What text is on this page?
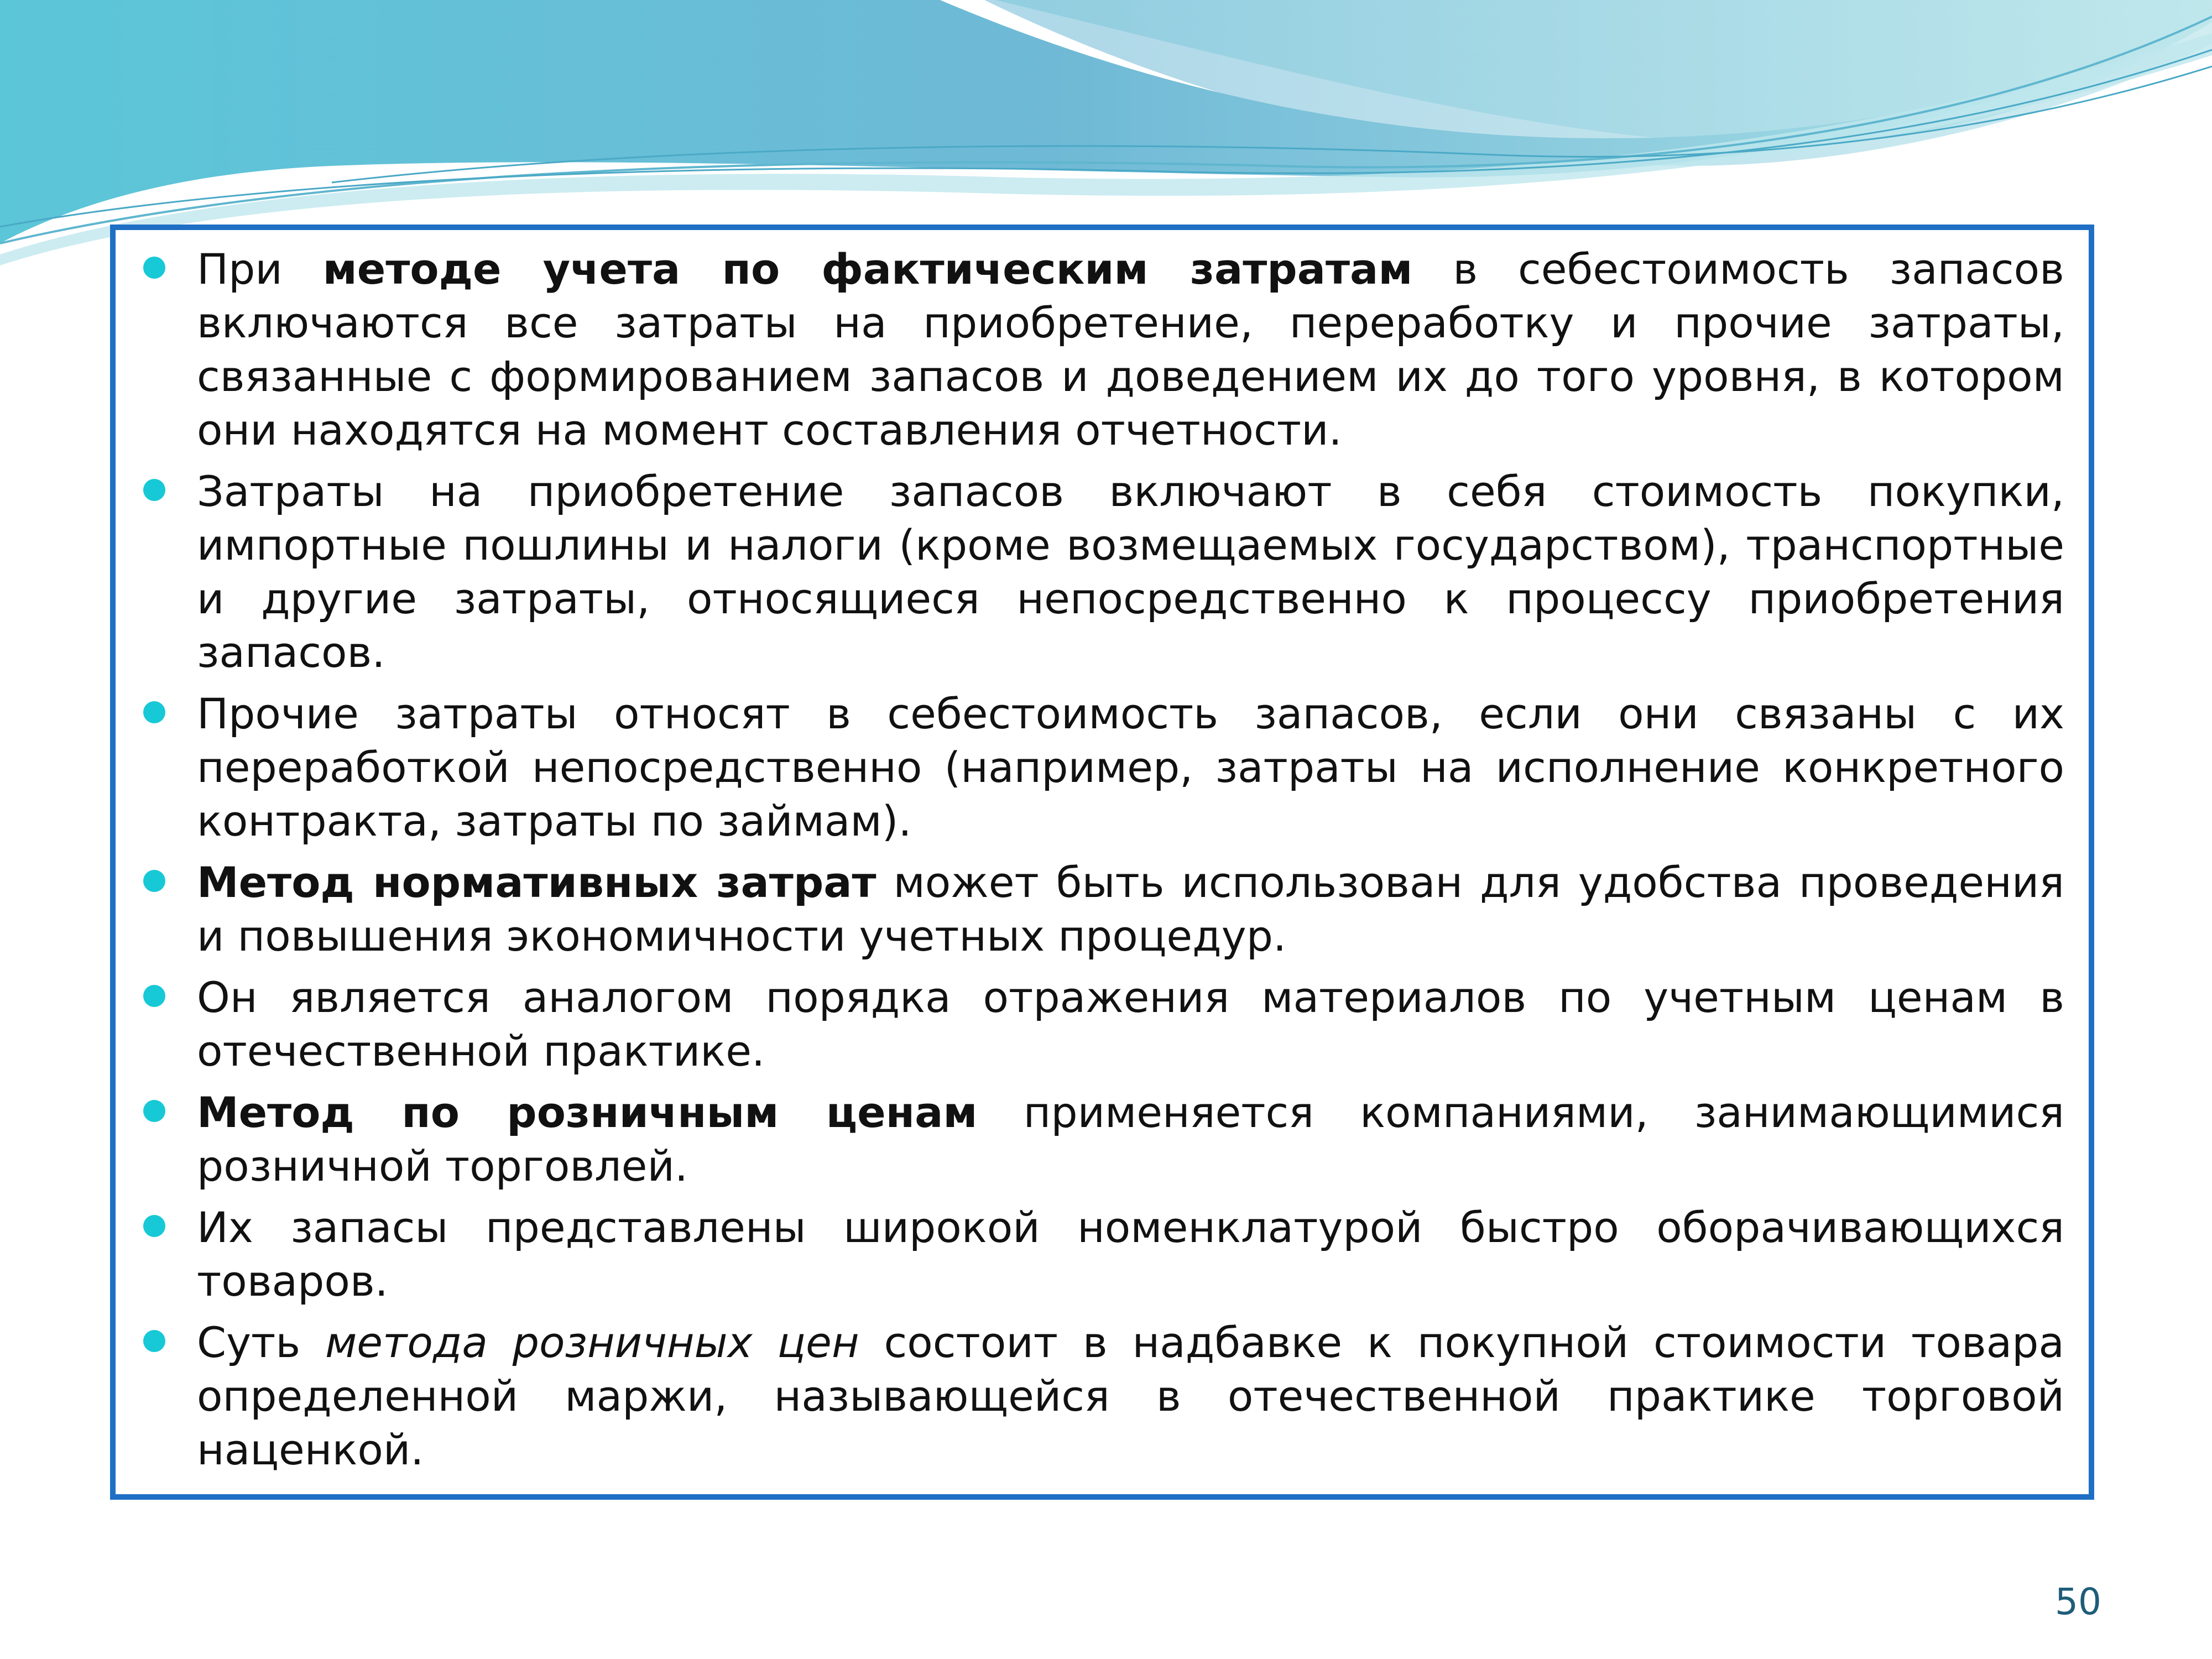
При методе учета по фактическим затратам в себестоимость запасов включаются все затраты на приобретение, переработку и прочие затраты, связанные с формированием запасов и доведением их до того уровня, в котором они находятся на момент составления отчетности.
Затраты на приобретение запасов включают в себя стоимость покупки, импортные пошлины и налоги (кроме возмещаемых государством), транспортные и другие затраты, относящиеся непосредственно к процессу приобретения запасов.
Прочие затраты относят в себестоимость запасов, если они связаны с их переработкой непосредственно (например, затраты на исполнение конкретного контракта, затраты по займам).
Метод нормативных затрат может быть использован для удобства проведения и повышения экономичности учетных процедур.
Он является аналогом порядка отражения материалов по учетным ценам в отечественной практике.
Метод по розничным ценам применяется компаниями, занимающимися розничной торговлей.
Их запасы представлены широкой номенклатурой быстро оборачивающихся товаров.
Суть метода розничных цен состоит в надбавке к покупной стоимости товара определенной маржи, называющейся в отечественной практике торговой наценкой.
50
